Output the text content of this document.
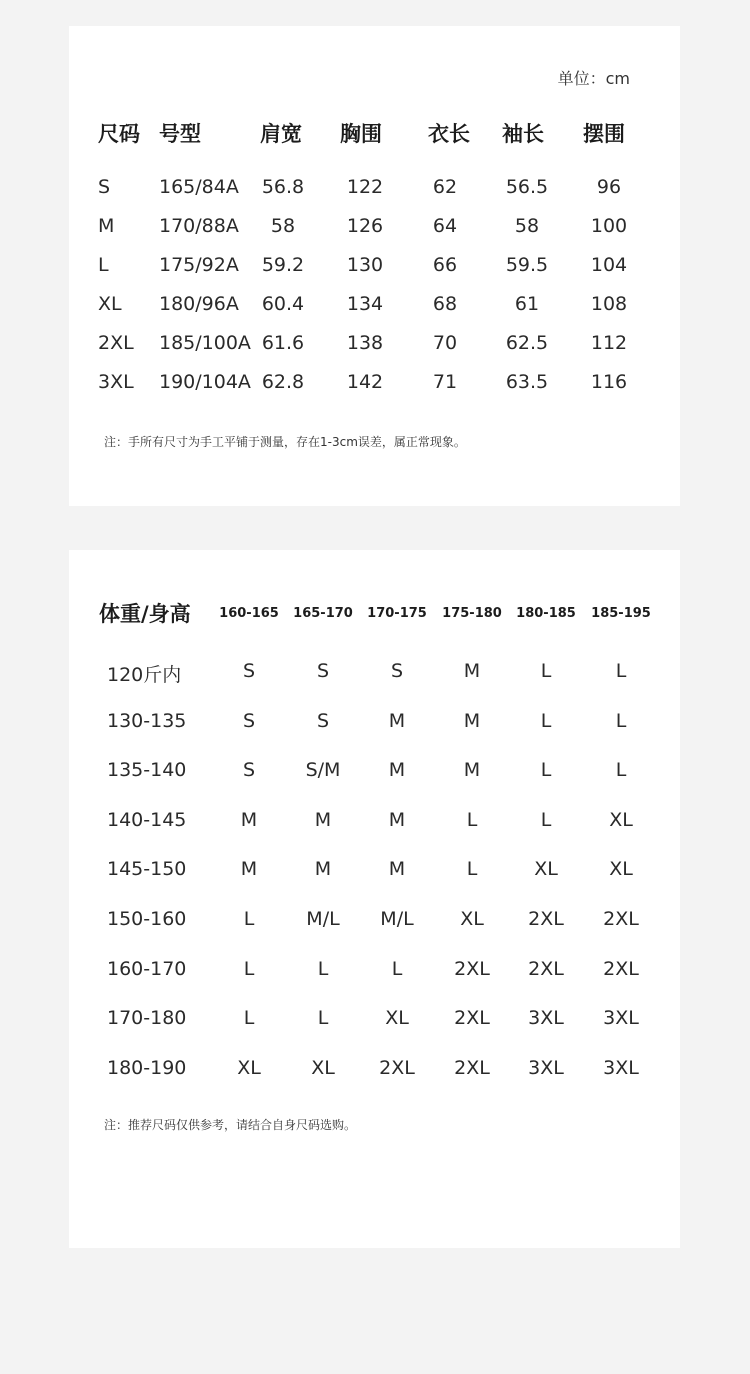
单位：cm
尺码 号型	肩宽 胸围 衣长 袖长 摆围
S	165/84A 56.8 122	62	56.5	96
M 170/88A 58	126	64	58	100
L	175/92A 59.2 130	66	59.5 104
XL 180/96A 60.4 134	68	61	108
2XL 185/100A 61.6 138	70	62.5 112
3XL 190/104A 62.8 142	71	63.5 116
注：手所有尺寸为手工平铺于测量，存在1-3cm误差，属正常现象。
体重/身高 160-165 165-170 170-175 175-180 180-185 185-195
120斤内	S	S	S	M	L	L
130-135	S	S	M	M	L	L
135-140	S	S/M	M	M	L	L
140-145	M	M	M	L	L	XL
145-150	M	M	M	L	XL	XL
150-160	L	M/L M/L XL 2XL 2XL
160-170	L	L	L	2XL 2XL 2XL
170-180	L	L	XL 2XL 3XL 3XL
180-190	XL	XL 2XL 2XL 3XL 3XL
注：推荐尺码仅供参考，请结合自身尺码选购。
